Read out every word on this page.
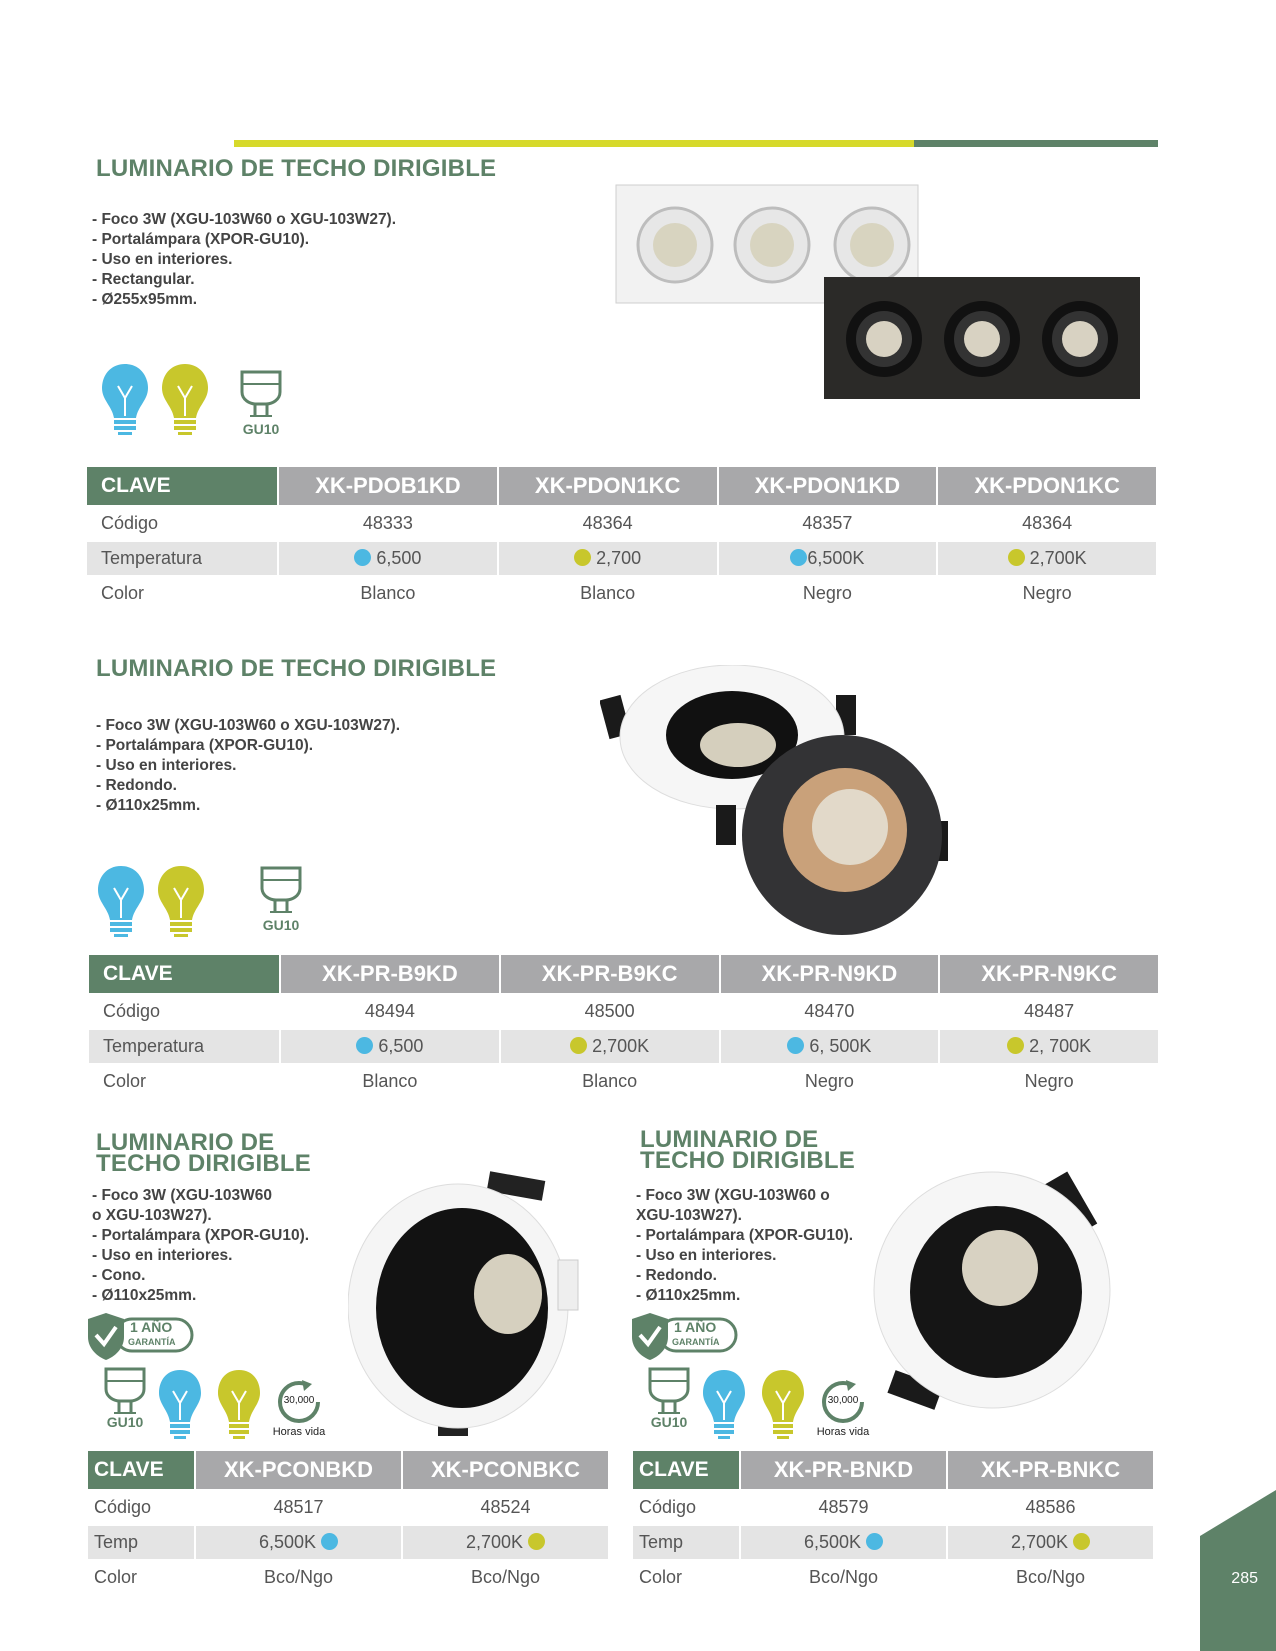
LUMINARIO DE TECHO DIRIGIBLE
- Foco 3W (XGU-103W60 o XGU-103W27).
- Portalámpara (XPOR-GU10).
- Uso en interiores.
- Rectangular.
- Ø255x95mm.
GU10
CLAVE	XK-PDOB1KD	XK-PDON1KC	XK-PDON1KD	XK-PDON1KC
Código	48333	48364	48357	48364
Temperatura	6,500	2,700	6,500K	2,700K
Color	Blanco	Blanco	Negro	Negro
LUMINARIO DE TECHO DIRIGIBLE
- Foco 3W (XGU-103W60 o XGU-103W27).
- Portalámpara (XPOR-GU10).
- Uso en interiores.
- Redondo.
- Ø110x25mm.
GU10
CLAVE	XK-PR-B9KD	XK-PR-B9KC	XK-PR-N9KD	XK-PR-N9KC
Código	48494	48500	48470	48487
Temperatura	6,500	2,700K	6, 500K	2, 700K
Color	Blanco	Blanco	Negro	Negro
LUMINARIO DE
TECHO DIRIGIBLE
- Foco 3W (XGU-103W60
o XGU-103W27).
- Portalámpara (XPOR-GU10).
- Uso en interiores.
- Cono.
- Ø110x25mm.
1 AÑO
GARANTÍA
GU10
30,000
Horas vida
CLAVE	XK-PCONBKD	XK-PCONBKC
Código	48517	48524
Temp	6,500K	2,700K
Color	Bco/Ngo	Bco/Ngo
LUMINARIO DE
TECHO DIRIGIBLE
- Foco 3W (XGU-103W60 o
XGU-103W27).
- Portalámpara (XPOR-GU10).
- Uso en interiores.
- Redondo.
- Ø110x25mm.
1 AÑO
GARANTÍA
GU10
30,000
Horas vida
CLAVE	XK-PR-BNKD	XK-PR-BNKC
Código	48579	48586
Temp	6,500K	2,700K
Color	Bco/Ngo	Bco/Ngo	285
